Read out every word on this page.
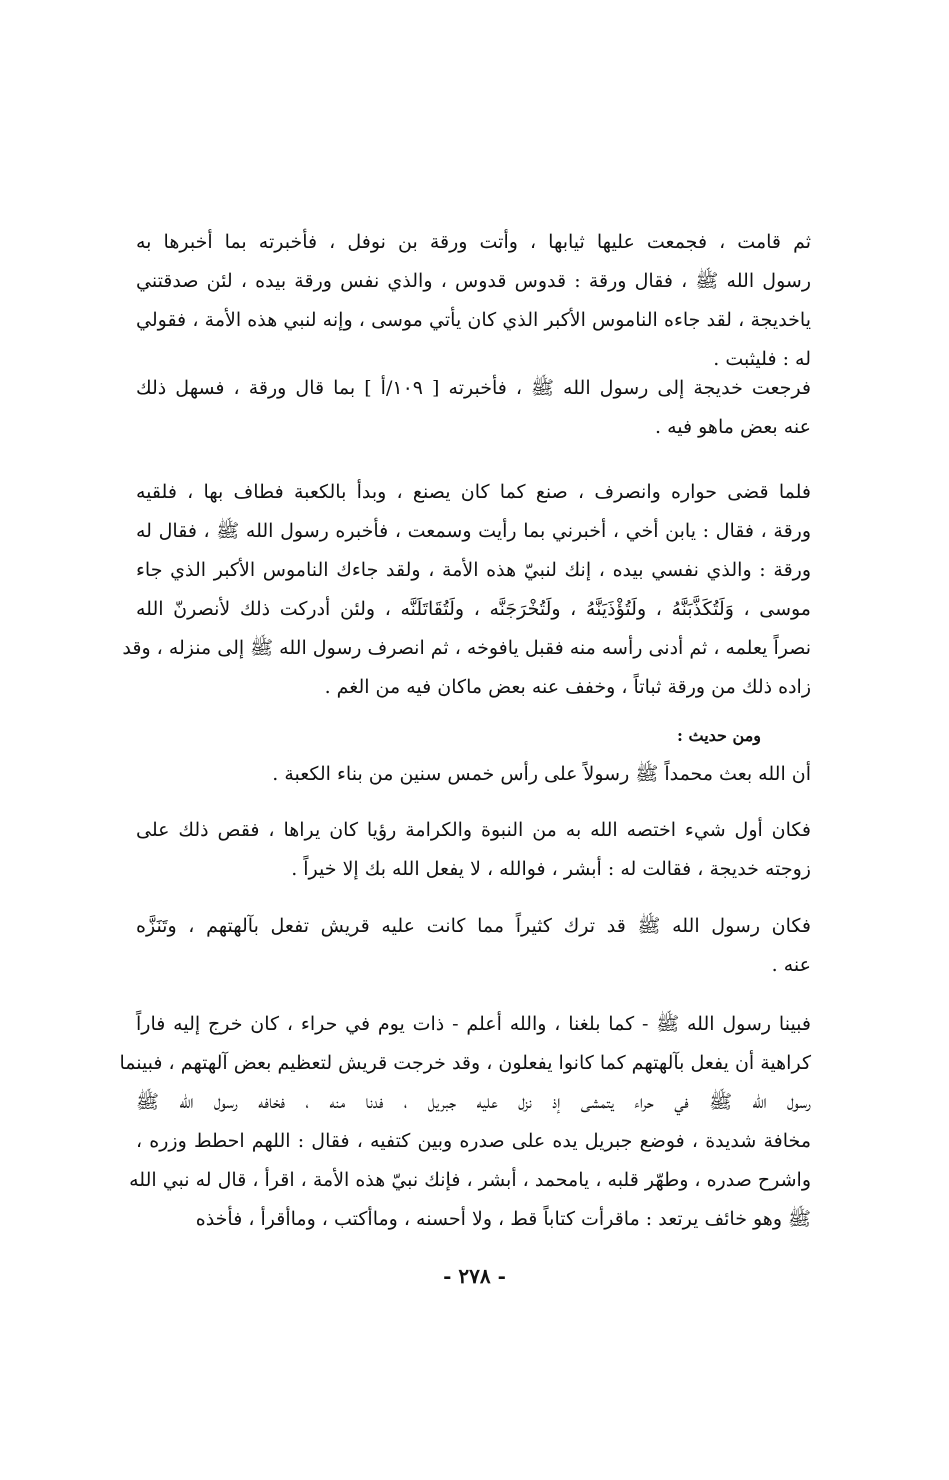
ثم قامت ، فجمعت عليها ثيابها ، وأتت ورقة بن نوفل ، فأخبرته بما أخبرها به
رسول الله ﷺ ، فقال ورقة : قدوس قدوس ، والذي نفس ورقة بيده ، لئن صدقتني
ياخديجة ، لقد جاءه الناموس الأكبر الذي كان يأتي موسى ، وإنه لنبي هذه الأمة ، فقولي
له : فليثبت .
فرجعت خديجة إلى رسول الله ﷺ ، فأخبرته [ ١٠٩/أ ] بما قال ورقة ، فسهل ذلك
عنه بعض ماهو فيه .
فلما قضى حواره وانصرف ، صنع كما كان يصنع ، وبدأ بالكعبة فطاف بها ، فلقيه
ورقة ، فقال : يابن أخي ، أخبرني بما رأيت وسمعت ، فأخبره رسول الله ﷺ ، فقال له
ورقة : والذي نفسي بيده ، إنك لنبيّ هذه الأمة ، ولقد جاءك الناموس الأكبر الذي جاء
موسى ، وَلَتُكَذَّبَنَّهُ ، ولَتُؤْذَيَنَّهُ ، ولَتُخْرَجَنَّه ، ولَتُقَاتَلَنَّه ، ولئن أدركت ذلك لأنصرنّ الله
نصراً يعلمه ، ثم أدنى رأسه منه فقبل يافوخه ، ثم انصرف رسول الله ﷺ إلى منزله ، وقد
زاده ذلك من ورقة ثباتاً ، وخفف عنه بعض ماكان فيه من الغم .
ومن حديث :
أن الله بعث محمداً ﷺ رسولاً على رأس خمس سنين من بناء الكعبة .
فكان أول شيء اختصه الله به من النبوة والكرامة رؤيا كان يراها ، فقص ذلك على
زوجته خديجة ، فقالت له : أبشر ، فوالله ، لا يفعل الله بك إلا خيراً .
فكان رسول الله ﷺ قد ترك كثيراً مما كانت عليه قريش تفعل بآلهتهم ، وتَنَزَّه
عنه .
فبينا رسول الله ﷺ - كما بلغنا ، والله أعلم - ذات يوم في حراء ، كان خرج إليه فاراً
كراهية أن يفعل بآلهتهم كما كانوا يفعلون ، وقد خرجت قريش لتعظيم بعض آلهتهم ، فبينما
رسول الله ﷺ في حراء يتمشى إذ نزل عليه جبريل ، فدنا منه ، فخافه رسول الله ﷺ
مخافة شديدة ، فوضع جبريل يده على صدره وبين كتفيه ، فقال : اللهم احطط وزره ،
واشرح صدره ، وطهّر قلبه ، يامحمد ، أبشر ، فإنك نبيّ هذه الأمة ، اقرأ ، قال له نبي الله
ﷺ وهو خائف يرتعد : ماقرأت كتاباً قط ، ولا أحسنه ، وماأكتب ، وماأقرأ ، فأخذه
- ٢٧٨ -
